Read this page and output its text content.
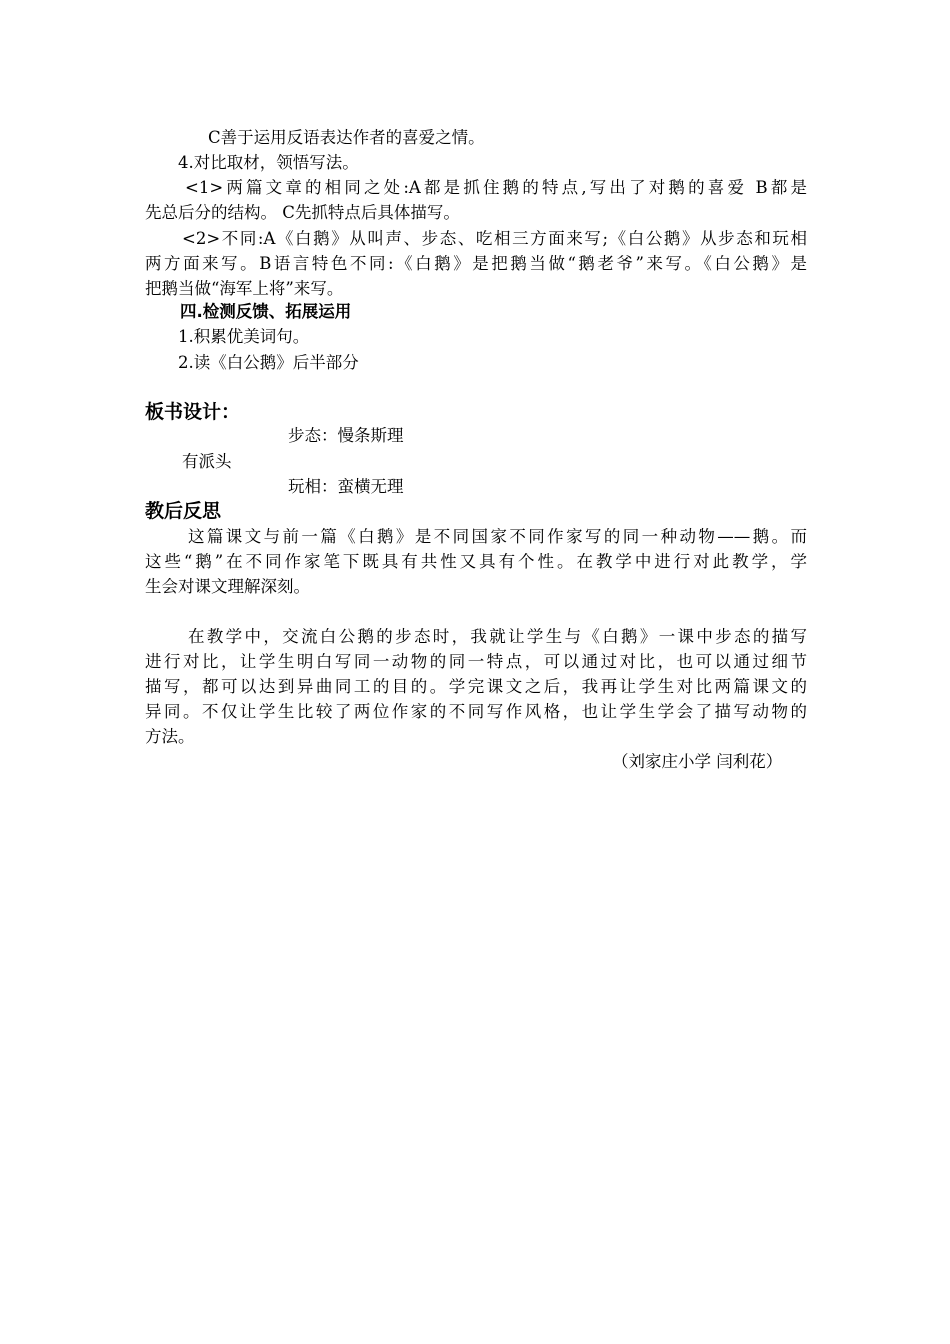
C善于运用反语表达作者的喜爱之情。
4.对比取材，领悟写法。
<1>两篇文章的相同之处:A都是抓住鹅的特点,写出了对鹅的喜爱 B都是
先总后分的结构。 C先抓特点后具体描写。
<2>不同:A《白鹅》从叫声、步态、吃相三方面来写;《白公鹅》从步态和玩相
两方面来写。B语言特色不同:《白鹅》是把鹅当做“鹅老爷”来写。《白公鹅》是
把鹅当做“海军上将”来写。
四.检测反馈、拓展运用
1.积累优美词句。
2.读《白公鹅》后半部分
板书设计：
步态：慢条斯理
有派头
玩相：蛮横无理
教后反思
这篇课文与前一篇《白鹅》是不同国家不同作家写的同一种动物——鹅。而
这些“鹅”在不同作家笔下既具有共性又具有个性。在教学中进行对此教学，学
生会对课文理解深刻。
在教学中，交流白公鹅的步态时，我就让学生与《白鹅》一课中步态的描写
进行对比，让学生明白写同一动物的同一特点，可以通过对比，也可以通过细节
描写，都可以达到异曲同工的目的。学完课文之后，我再让学生对比两篇课文的
异同。不仅让学生比较了两位作家的不同写作风格，也让学生学会了描写动物的
方法。
（刘家庄小学 闫利花）
